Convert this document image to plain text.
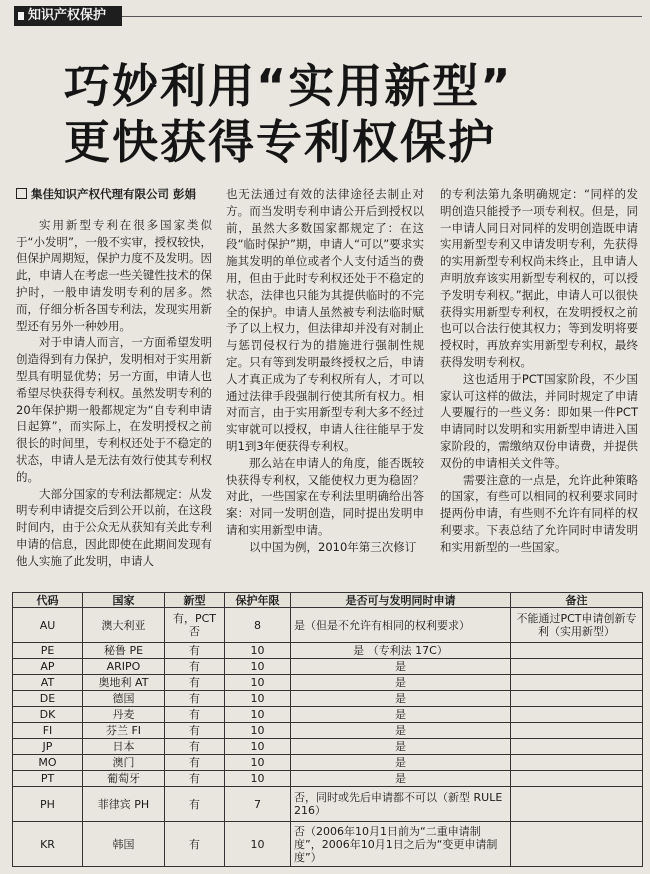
知识产权保护
巧妙利用“实用新型”
更快获得专利权保护

集佳知识产权代理有限公司 彭娟

实用新型专利在很多国家类似于“小发明”，一般不实审，授权较快，但保护周期短，保护力度不及发明。因此，申请人在考虑一些关键性技术的保护时，一般申请发明专利的居多。然而，仔细分析各国专利法，发现实用新型还有另外一种妙用。

对于申请人而言，一方面希望发明创造得到有力保护，发明相对于实用新型具有明显优势；另一方面，申请人也希望尽快获得专利权。虽然发明专利的20年保护期一般都规定为“自专利申请日起算”，而实际上，在发明授权之前很长的时间里，专利权还处于不稳定的状态，申请人是无法有效行使其专利权的。

大部分国家的专利法都规定：从发明专利申请提交后到公开以前，在这段时间内，由于公众无从获知有关此专利申请的信息，因此即使在此期间发现有他人实施了此发明，申请人

也无法通过有效的法律途径去制止对方。而当发明专利申请公开后到授权以前，虽然大多数国家都规定了：在这段“临时保护”期，申请人“可以”要求实施其发明的单位或者个人支付适当的费用，但由于此时专利权还处于不稳定的状态，法律也只能为其提供临时的不完全的保护。申请人虽然被专利法临时赋予了以上权力，但法律却并没有对制止与惩罚侵权行为的措施进行强制性规定。只有等到发明最终授权之后，申请人才真正成为了专利权所有人，才可以通过法律手段强制行使其所有权力。相对而言，由于实用新型专利大多不经过实审就可以授权，申请人往往能早于发明1到3年便获得专利权。

那么站在申请人的角度，能否既较快获得专利权，又能使权力更为稳固？对此，一些国家在专利法里明确给出答案：对同一发明创造，同时提出发明申请和实用新型申请。

以中国为例，2010年第三次修订

的专利法第九条明确规定：“同样的发明创造只能授予一项专利权。但是，同一申请人同日对同样的发明创造既申请实用新型专利又申请发明专利，先获得的实用新型专利权尚未终止，且申请人声明放弃该实用新型专利权的，可以授予发明专利权。”据此，申请人可以很快获得实用新型专利权，在发明授权之前也可以合法行使其权力；等到发明将要授权时，再放弃实用新型专利权，最终获得发明专利权。

这也适用于PCT国家阶段，不少国家认可这样的做法，并同时规定了申请人要履行的一些义务：即如果一件PCT申请同时以发明和实用新型申请进入国家阶段的，需缴纳双份申请费，并提供双份的申请相关文件等。

需要注意的一点是，允许此种策略的国家，有些可以相同的权利要求同时提两份申请，有些则不允许有同样的权利要求。下表总结了允许同时申请发明和实用新型的一些国家。

代码	国家	新型	保护年限	是否可与发明同时申请	备注
AU	澳大利亚	有，PCT否	8	是（但是不允许有相同的权利要求）	不能通过PCT申请创新专利（实用新型）
PE	秘鲁 PE	有	10	是 （专利法 17C）	
AP	ARIPO	有	10	是	
AT	奥地利 AT	有	10	是	
DE	德国	有	10	是	
DK	丹麦	有	10	是	
FI	芬兰 FI	有	10	是	
JP	日本	有	10	是	
MO	澳门	有	10	是	
PT	葡萄牙	有	10	是	
PH	菲律宾 PH	有	7	否，同时或先后申请都不可以（新型 RULE 216）	
KR	韩国	有	10	否（2006年10月1日前为“二重申请制度”，2006年10月1日之后为“变更申请制度”）	
